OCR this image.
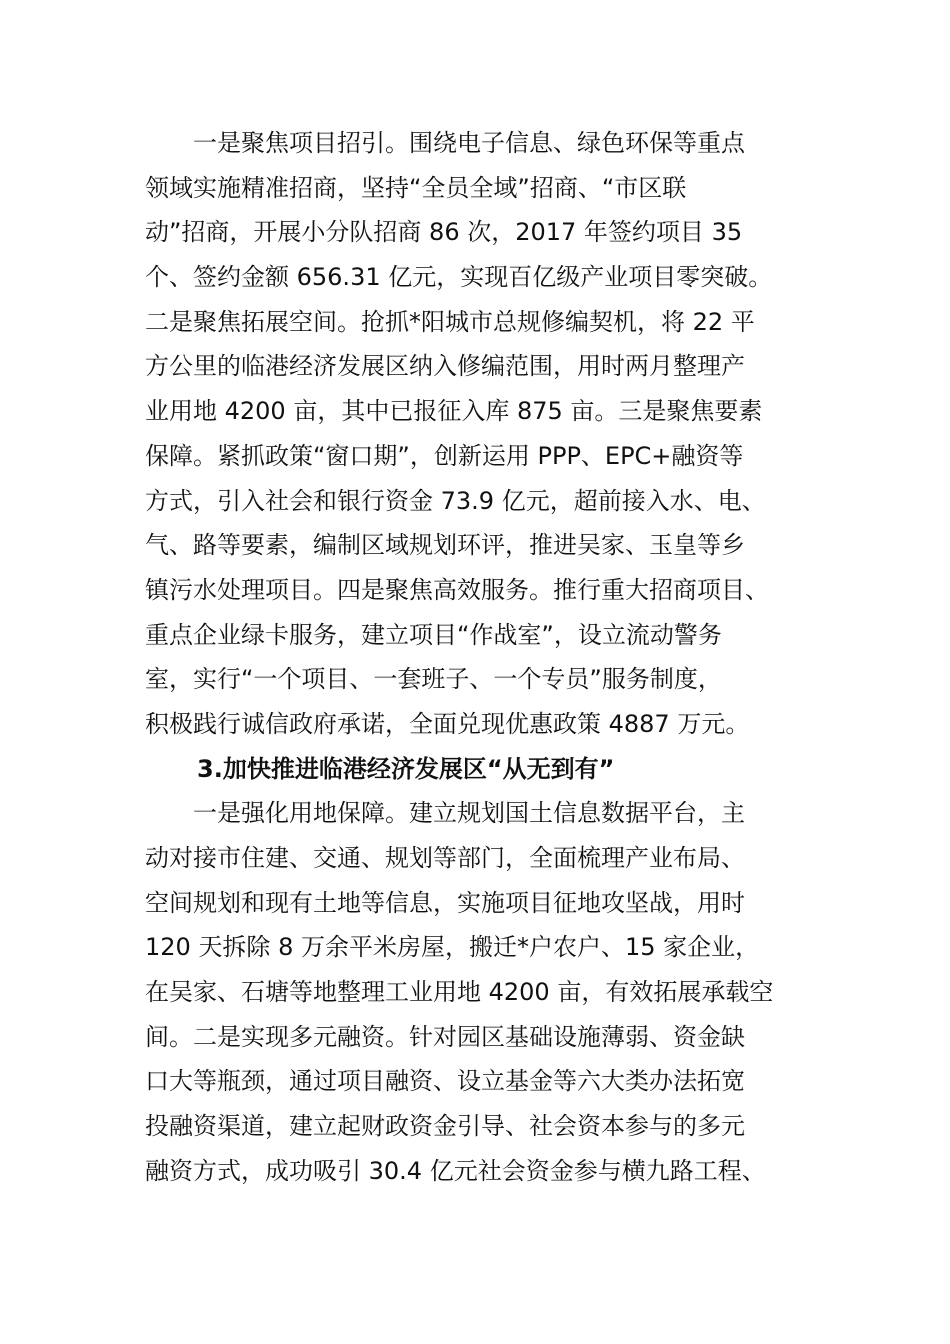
一是聚焦项目招引。围绕电子信息、绿色环保等重点
领域实施精准招商，坚持“全员全域”招商、“市区联
动”招商，开展小分队招商 86 次，2017 年签约项目 35
个、签约金额 656.31 亿元，实现百亿级产业项目零突破。
二是聚焦拓展空间。抢抓*阳城市总规修编契机，将 22 平
方公里的临港经济发展区纳入修编范围，用时两月整理产
业用地 4200 亩，其中已报征入库 875 亩。三是聚焦要素
保障。紧抓政策“窗口期”，创新运用 PPP、EPC+融资等
方式，引入社会和银行资金 73.9 亿元，超前接入水、电、
气、路等要素，编制区域规划环评，推进吴家、玉皇等乡
镇污水处理项目。四是聚焦高效服务。推行重大招商项目、
重点企业绿卡服务，建立项目“作战室”，设立流动警务
室，实行“一个项目、一套班子、一个专员”服务制度，
积极践行诚信政府承诺，全面兑现优惠政策 4887 万元。
3.加快推进临港经济发展区“从无到有”
一是强化用地保障。建立规划国土信息数据平台，主
动对接市住建、交通、规划等部门，全面梳理产业布局、
空间规划和现有土地等信息，实施项目征地攻坚战，用时
120 天拆除 8 万余平米房屋，搬迁*户农户、15 家企业，
在吴家、石塘等地整理工业用地 4200 亩，有效拓展承载空
间。二是实现多元融资。针对园区基础设施薄弱、资金缺
口大等瓶颈，通过项目融资、设立基金等六大类办法拓宽
投融资渠道，建立起财政资金引导、社会资本参与的多元
融资方式，成功吸引 30.4 亿元社会资金参与横九路工程、
